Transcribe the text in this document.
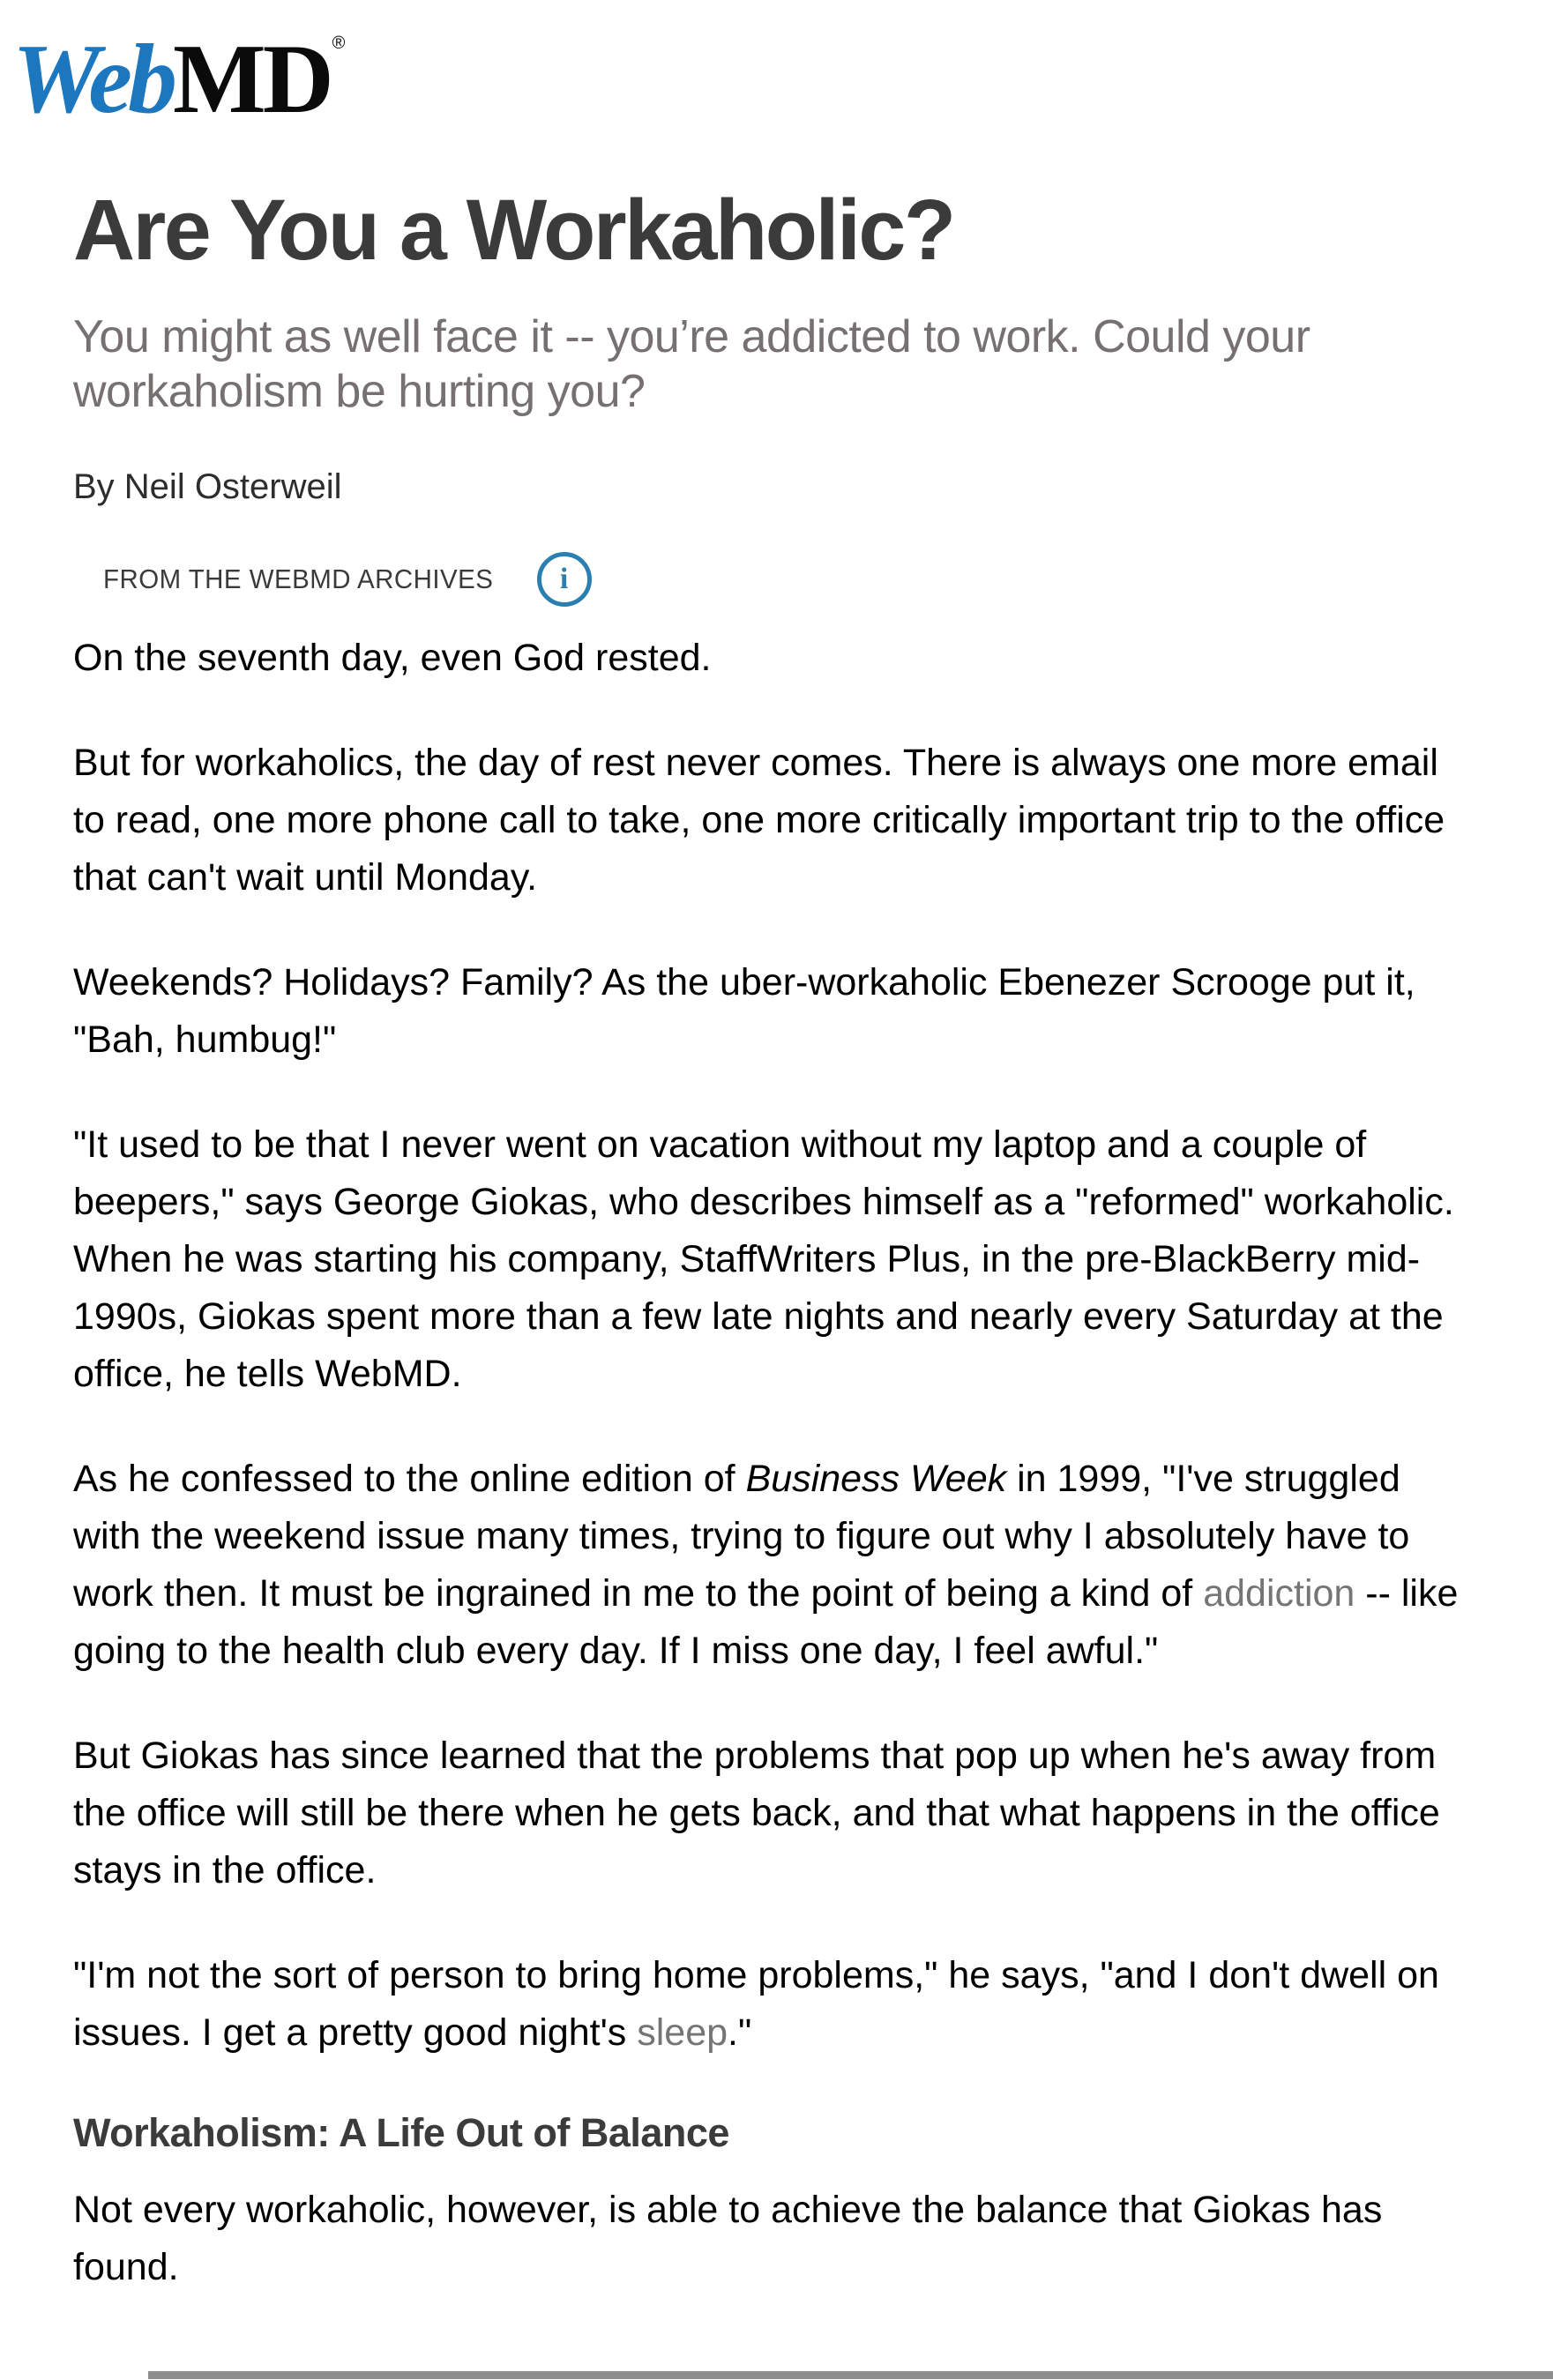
WebMD ®
Are You a Workaholic?
You might as well face it -- you’re addicted to work. Could your
workaholism be hurting you?
By Neil Osterweil
FROM THE WEBMD ARCHIVES i

On the seventh day, even God rested.

But for workaholics, the day of rest never comes. There is always one more email to read, one more phone call to take, one more critically important trip to the office that can't wait until Monday.

Weekends? Holidays? Family? As the uber-workaholic Ebenezer Scrooge put it, "Bah, humbug!"

"It used to be that I never went on vacation without my laptop and a couple of beepers," says George Giokas, who describes himself as a "reformed" workaholic. When he was starting his company, StaffWriters Plus, in the pre-BlackBerry mid-1990s, Giokas spent more than a few late nights and nearly every Saturday at the office, he tells WebMD.

As he confessed to the online edition of Business Week in 1999, "I've struggled with the weekend issue many times, trying to figure out why I absolutely have to work then. It must be ingrained in me to the point of being a kind of addiction -- like going to the health club every day. If I miss one day, I feel awful."

But Giokas has since learned that the problems that pop up when he's away from the office will still be there when he gets back, and that what happens in the office stays in the office.

"I'm not the sort of person to bring home problems," he says, "and I don't dwell on issues. I get a pretty good night's sleep."

Workaholism: A Life Out of Balance

Not every workaholic, however, is able to achieve the balance that Giokas has found.
